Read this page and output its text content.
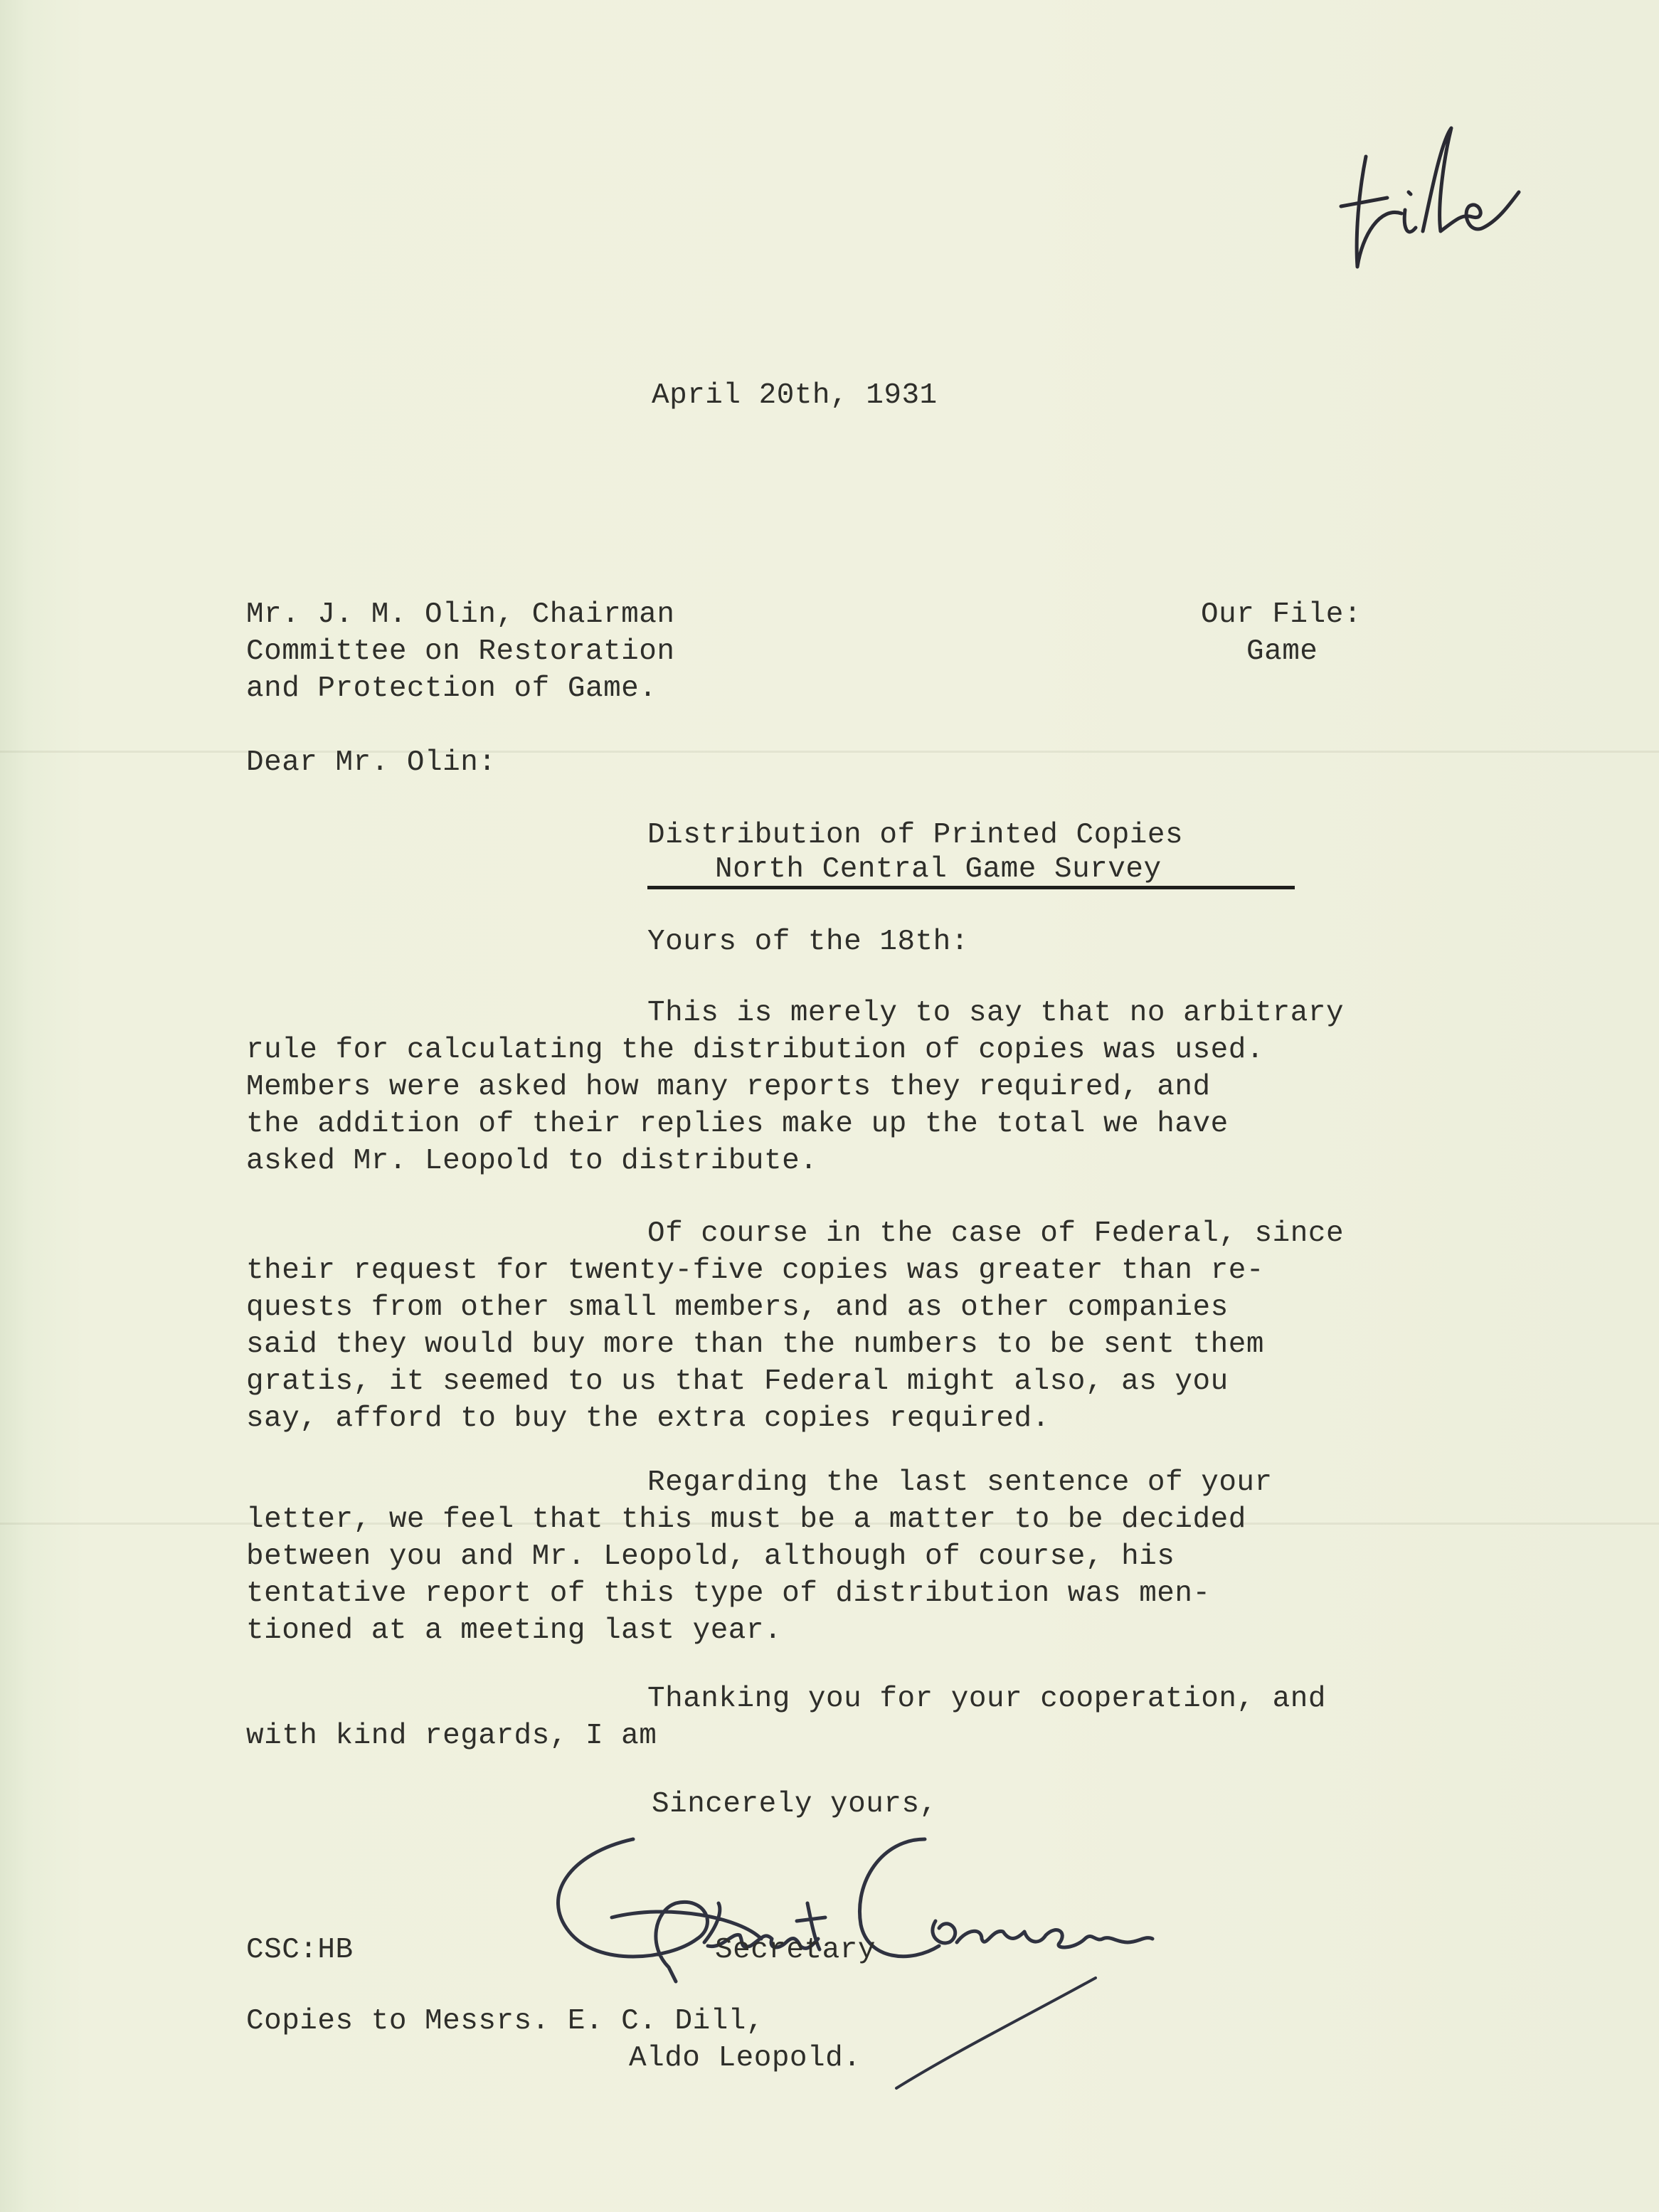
April 20th, 1931
Mr. J. M. Olin, Chairman
Committee on Restoration
and Protection of Game.
Our File:
Game
Dear Mr. Olin:
Distribution of Printed Copies
North Central Game Survey
Yours of the 18th:
This is merely to say that no arbitrary
rule for calculating the distribution of copies was used.
Members were asked how many reports they required, and
the addition of their replies make up the total we have
asked Mr. Leopold to distribute.
Of course in the case of Federal, since
their request for twenty-five copies was greater than re-
quests from other small members, and as other companies
said they would buy more than the numbers to be sent them
gratis, it seemed to us that Federal might also, as you
say, afford to buy the extra copies required.
Regarding the last sentence of your
letter, we feel that this must be a matter to be decided
between you and Mr. Leopold, although of course, his
tentative report of this type of distribution was men-
tioned at a meeting last year.
Thanking you for your cooperation, and
with kind regards, I am
Sincerely yours,
Secretary
CSC:HB
Copies to Messrs. E. C. Dill,
Aldo Leopold.
